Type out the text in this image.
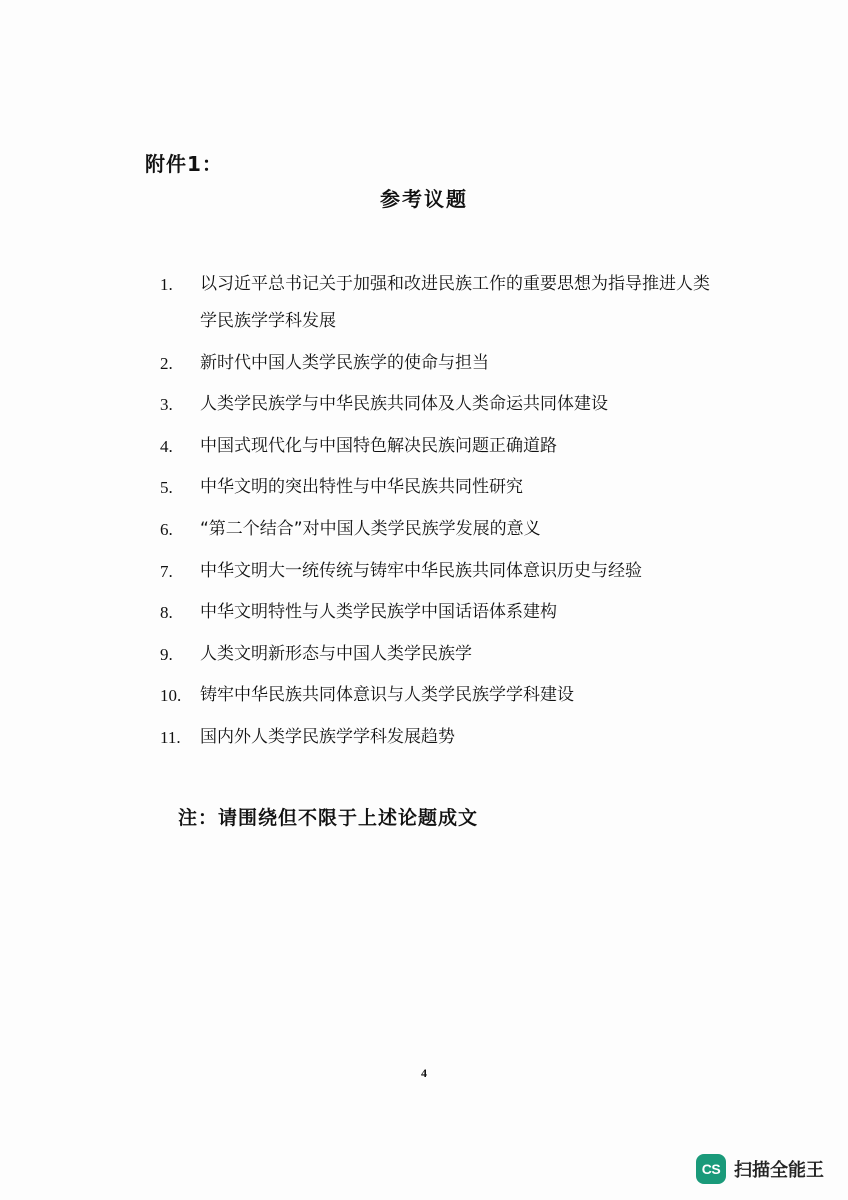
附件1：
参考议题
1.	以习近平总书记关于加强和改进民族工作的重要思想为指导推进人类学民族学学科发展
2.	新时代中国人类学民族学的使命与担当
3.	人类学民族学与中华民族共同体及人类命运共同体建设
4.	中国式现代化与中国特色解决民族问题正确道路
5.	中华文明的突出特性与中华民族共同性研究
6.	“第二个结合”对中国人类学民族学发展的意义
7.	中华文明大一统传统与铸牢中华民族共同体意识历史与经验
8.	中华文明特性与人类学民族学中国话语体系建构
9.	人类文明新形态与中国人类学民族学
10.	铸牢中华民族共同体意识与人类学民族学学科建设
11.	国内外人类学民族学学科发展趋势
注：请围绕但不限于上述论题成文
4
CS 扫描全能王
